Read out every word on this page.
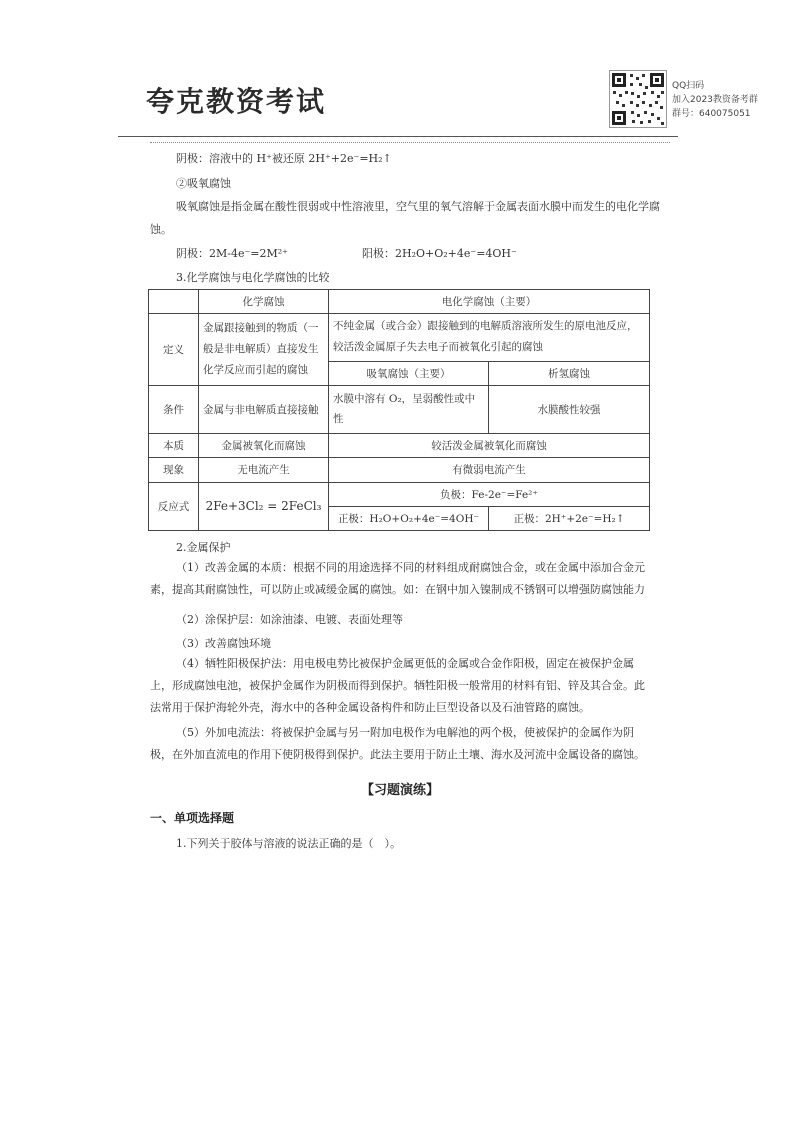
夸克教资考试	QQ扫码
加入2023教资备考群
群号：640075051
阴极：溶液中的 H⁺被还原 2H⁺+2e⁻=H₂↑
②吸氧腐蚀
吸氧腐蚀是指金属在酸性很弱或中性溶液里，空气里的氧气溶解于金属表面水膜中而发生的电化学腐
蚀。
阴极：2M-4e⁻=2M²⁺	阳极：2H₂O+O₂+4e⁻=4OH⁻
3.化学腐蚀与电化学腐蚀的比较
	化学腐蚀	电化学腐蚀（主要）	
定义	金属跟接触到的物质（一般是非电解质）直接发生化学反应而引起的腐蚀	不纯金属（或合金）跟接触到的电解质溶液所发生的原电池反应，较活泼金属原子失去电子而被氧化引起的腐蚀	
		吸氧腐蚀（主要）	析氢腐蚀
条件	金属与非电解质直接接触	水膜中溶有 O₂，呈弱酸性或中性	水膜酸性较强
本质	金属被氧化而腐蚀	较活泼金属被氧化而腐蚀	
现象	无电流产生	有微弱电流产生	
反应式	2Fe+3Cl₂ = 2FeCl₃	负极：Fe-2e⁻=Fe²⁺	
		正极：H₂O+O₂+4e⁻=4OH⁻	正极：2H⁺+2e⁻=H₂↑
2.金属保护
（1）改善金属的本质：根据不同的用途选择不同的材料组成耐腐蚀合金，或在金属中添加合金元素，提高其耐腐蚀性，可以防止或减缓金属的腐蚀。如：在钢中加入镍制成不锈钢可以增强防腐蚀能力
（2）涂保护层：如涂油漆、电镀、表面处理等
（3）改善腐蚀环境
（4）牺牲阳极保护法：用电极电势比被保护金属更低的金属或合金作阳极，固定在被保护金属上，形成腐蚀电池，被保护金属作为阴极而得到保护。牺牲阳极一般常用的材料有铝、锌及其合金。此法常用于保护海轮外壳，海水中的各种金属设备构件和防止巨型设备以及石油管路的腐蚀。
（5）外加电流法：将被保护金属与另一附加电极作为电解池的两个极，使被保护的金属作为阴极，在外加直流电的作用下使阴极得到保护。此法主要用于防止土壤、海水及河流中金属设备的腐蚀。
【习题演练】
一、单项选择题
1.下列关于胶体与溶液的说法正确的是（　）。
